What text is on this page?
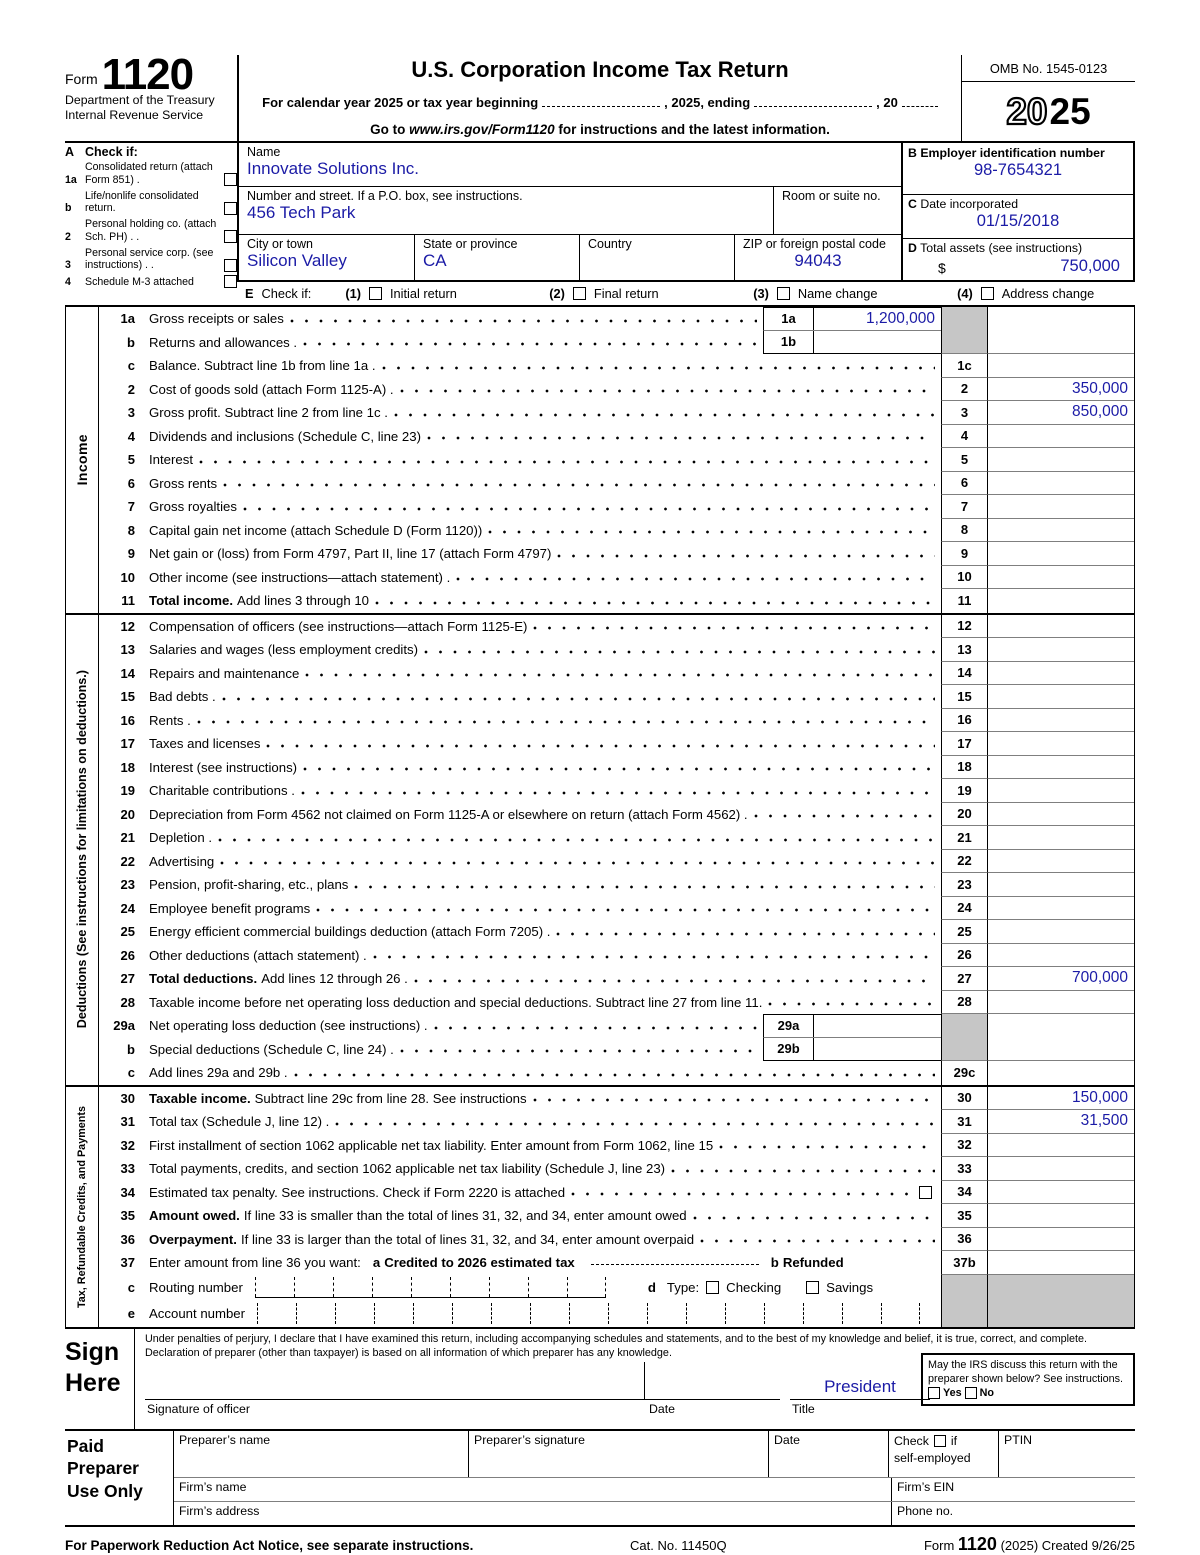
Form 1120
Department of the Treasury
Internal Revenue Service
U.S. Corporation Income Tax Return
For calendar year 2025 or tax year beginning	, 2025, ending	, 20
Go to www.irs.gov/Form1120 for instructions and the latest information.
OMB No. 1545-0123
20 25
A Check if:
1a
Consolidated return (attach Form 851) .
b
Life/nonlife consolidated return.
2
Personal holding co. (attach Sch. PH) . .
3
Personal service corp. (see instructions) . .
4	Schedule M-3 attached
Name
Innovate Solutions Inc.
Number and street. If a P.O. box, see instructions.
456 Tech Park
Room or suite no.
City or town
Silicon Valley
State or province
CA
Country	ZIP or foreign postal code
94043
B Employer identification number
98-7654321
C Date incorporated
01/15/2018
D Total assets (see instructions)
$	750,000
E Check if:	(1) Initial return	(2) Final return	(3) Name change	(4) Address change
Income
1a	Gross receipts or sales	1a	1,200,000
b	Returns and allowances .	1b
c	Balance. Subtract line 1b from line 1a .	1c
2	Cost of goods sold (attach Form 1125-A) .	2	350,000
3	Gross profit. Subtract line 2 from line 1c .	3	850,000
4	Dividends and inclusions (Schedule C, line 23)	4
5	Interest	5
6	Gross rents	6
7	Gross royalties	7
8	Capital gain net income (attach Schedule D (Form 1120))	8
9	Net gain or (loss) from Form 4797, Part II, line 17 (attach Form 4797)	9
10	Other income (see instructions—attach statement) .	10
11	Total income. Add lines 3 through 10	11
Deductions (See instructions for limitations on deductions.)
12	Compensation of officers (see instructions—attach Form 1125-E)	12
13	Salaries and wages (less employment credits)	13
14	Repairs and maintenance	14
15	Bad debts .	15
16	Rents .	16
17	Taxes and licenses	17
18	Interest (see instructions)	18
19	Charitable contributions .	19
20	Depreciation from Form 4562 not claimed on Form 1125-A or elsewhere on return (attach Form 4562) .	20
21	Depletion .	21
22	Advertising	22
23	Pension, profit-sharing, etc., plans	23
24	Employee benefit programs	24
25	Energy efficient commercial buildings deduction (attach Form 7205) .	25
26	Other deductions (attach statement) .	26
27	Total deductions. Add lines 12 through 26 .	27	700,000
28	Taxable income before net operating loss deduction and special deductions. Subtract line 27 from line 11.	28
29a	Net operating loss deduction (see instructions) .	29a
b	Special deductions (Schedule C, line 24) .	29b
c	Add lines 29a and 29b .	29c
Tax, Refundable Credits, and Payments
30	Taxable income. Subtract line 29c from line 28. See instructions	30	150,000
31	Total tax (Schedule J, line 12) .	31	31,500
32	First installment of section 1062 applicable net tax liability. Enter amount from Form 1062, line 15	32
33	Total payments, credits, and section 1062 applicable net tax liability (Schedule J, line 23)	33
34	Estimated tax penalty. See instructions. Check if Form 2220 is attached	34
35	Amount owed. If line 33 is smaller than the total of lines 31, 32, and 34, enter amount owed	35
36	Overpayment. If line 33 is larger than the total of lines 31, 32, and 34, enter amount overpaid	36
37	Enter amount from line 36 you want: a Credited to 2026 estimated tax	b Refunded	37b
c	Routing number	d Type: Checking	Savings
e	Account number
Sign
Here
Under penalties of perjury, I declare that I have examined this return, including accompanying schedules and statements, and to the best of my knowledge and belief, it is true, correct, and complete. Declaration of preparer (other than taxpayer) is based on all information of which preparer has any knowledge.
President
Signature of officer	Date	Title
May the IRS discuss this return with the preparer shown below? See instructions.
Yes No
Paid
Preparer
Use Only
Preparer’s name	Preparer’s signature	Date	Check if
self-employed
PTIN
Firm’s name	Firm’s EIN
Firm’s address	Phone no.
For Paperwork Reduction Act Notice, see separate instructions.	Cat. No. 11450Q	Form 1120 (2025) Created 9/26/25
